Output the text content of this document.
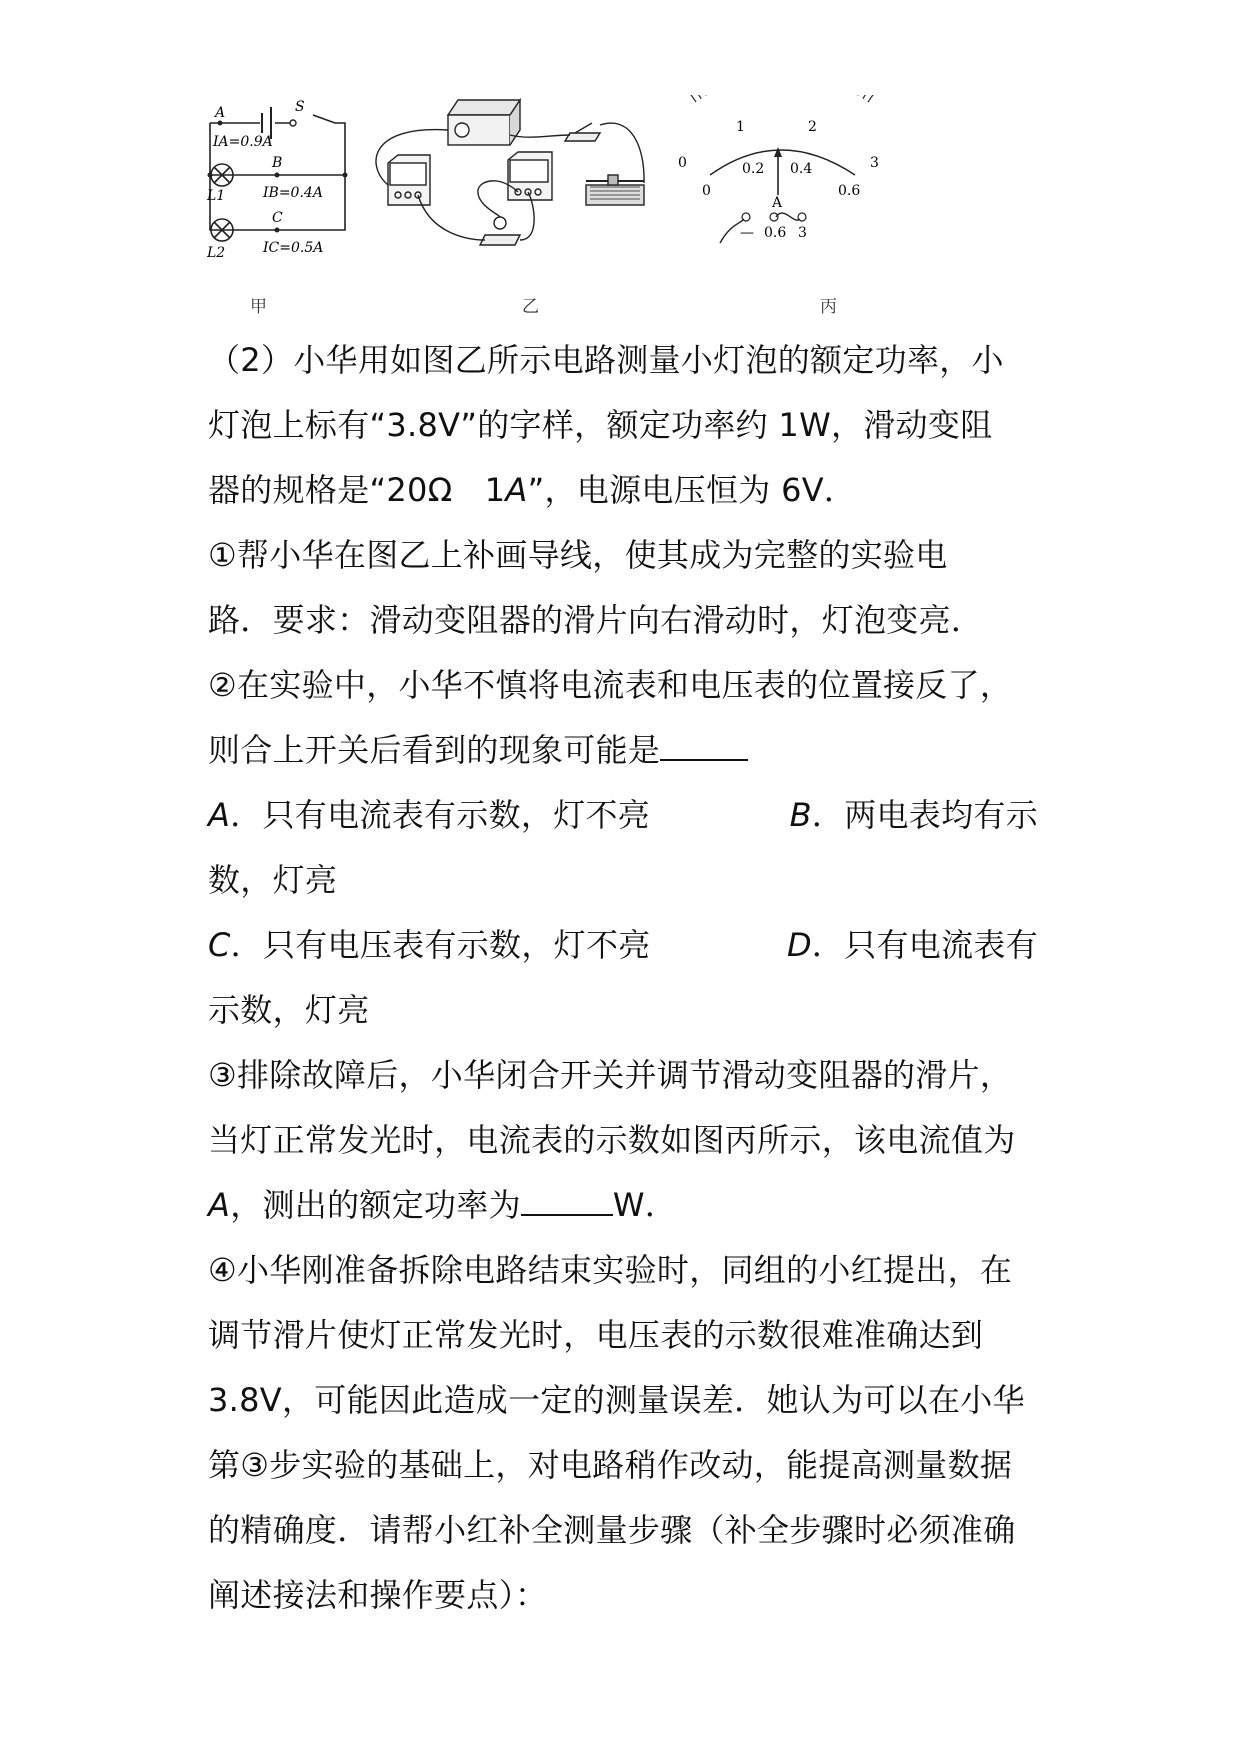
A	S
IA=0.9A
B
L1	IB=0.4A
C
L2	IC=0.5A
0
1	2
3
0
0.2 0.4
0.6
A
— 0.6 3
甲	乙	丙
（2）小华用如图乙所示电路测量小灯泡的额定功率，小
灯泡上标有“3.8V”的字样，额定功率约 1W，滑动变阻
器的规格是“20Ω　1A”，电源电压恒为 6V．
①帮小华在图乙上补画导线，使其成为完整的实验电
路．要求：滑动变阻器的滑片向右滑动时，灯泡变亮．
②在实验中，小华不慎将电流表和电压表的位置接反了，
则合上开关后看到的现象可能是
A．只有电流表有示数，灯不亮	B．两电表均有示
数，灯亮
C．只有电压表有示数，灯不亮	D．只有电流表有
示数，灯亮
③排除故障后，小华闭合开关并调节滑动变阻器的滑片，
当灯正常发光时，电流表的示数如图丙所示，该电流值为
A，测出的额定功率为	W．
④小华刚准备拆除电路结束实验时，同组的小红提出，在
调节滑片使灯正常发光时，电压表的示数很难准确达到
3.8V，可能因此造成一定的测量误差．她认为可以在小华
第③步实验的基础上，对电路稍作改动，能提高测量数据
的精确度．请帮小红补全测量步骤（补全步骤时必须准确
阐述接法和操作要点）：
